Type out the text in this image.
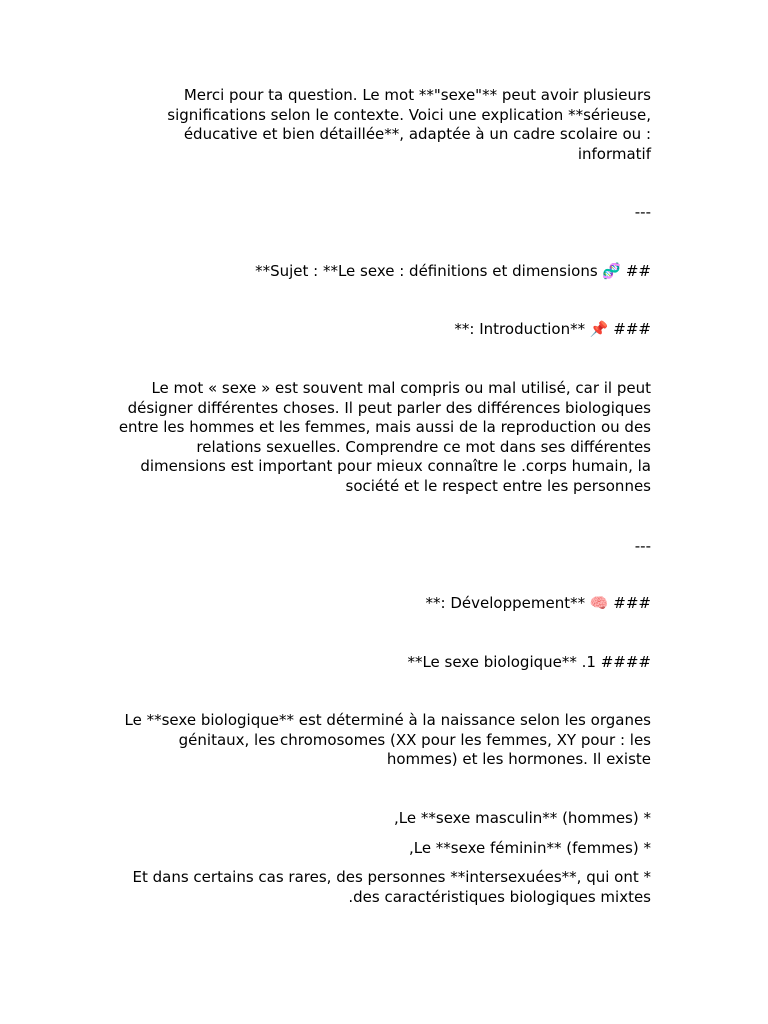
Merci pour ta question. Le mot **"sexe"** peut avoir plusieurs significations selon le contexte. Voici une explication **sérieuse, éducative et bien détaillée**, adaptée à un cadre scolaire ou : informatif
---
**Sujet : **Le sexe : définitions et dimensions 🧬 ##
**: Introduction** 📌 ###
Le mot « sexe » est souvent mal compris ou mal utilisé, car il peut désigner différentes choses. Il peut parler des différences biologiques entre les hommes et les femmes, mais aussi de la reproduction ou des relations sexuelles. Comprendre ce mot dans ses différentes dimensions est important pour mieux connaître le .corps humain, la société et le respect entre les personnes
---
**: Développement** 🧠 ###
**Le sexe biologique** .1 ####
Le **sexe biologique** est déterminé à la naissance selon les organes génitaux, les chromosomes (XX pour les femmes, XY pour : les hommes) et les hormones. Il existe
,Le **sexe masculin** (hommes) *
,Le **sexe féminin** (femmes) *
Et dans certains cas rares, des personnes **intersexuées**, qui ont * .des caractéristiques biologiques mixtes
